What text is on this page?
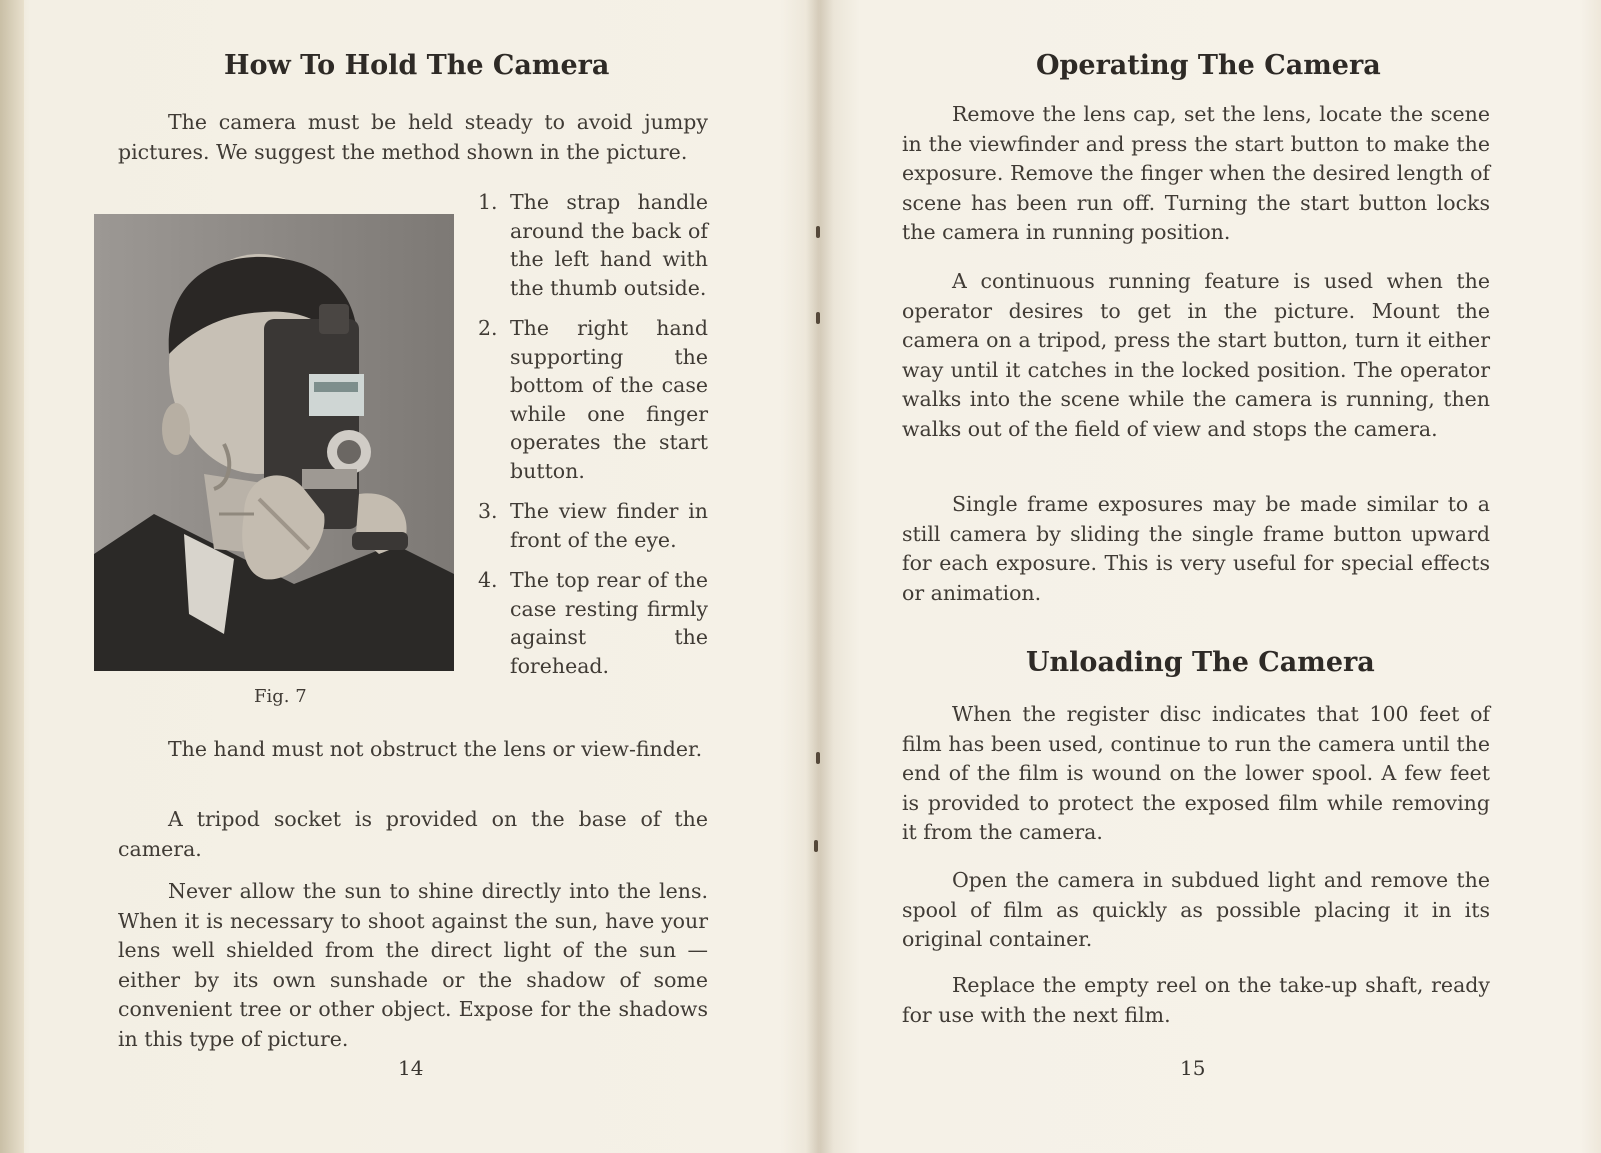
How To Hold The Camera

The camera must be held steady to avoid jumpy pictures. We suggest the method shown in the picture.

Fig. 7
1. The strap handle around the back of the left hand with the thumb outside.
2. The right hand supporting the bottom of the case while one finger operates the start button.
3. The view finder in front of the eye.
4. The top rear of the case resting firmly against the forehead.

The hand must not obstruct the lens or view-finder.

A tripod socket is provided on the base of the camera.

Never allow the sun to shine directly into the lens. When it is necessary to shoot against the sun, have your lens well shielded from the direct light of the sun — either by its own sunshade or the shadow of some convenient tree or other object. Expose for the shadows in this type of picture.

14
Operating The Camera

Remove the lens cap, set the lens, locate the scene in the viewfinder and press the start button to make the exposure. Remove the finger when the desired length of scene has been run off. Turning the start button locks the camera in running position.

A continuous running feature is used when the operator desires to get in the picture. Mount the camera on a tripod, press the start button, turn it either way until it catches in the locked position. The operator walks into the scene while the camera is running, then walks out of the field of view and stops the camera.

Single frame exposures may be made similar to a still camera by sliding the single frame button upward for each exposure. This is very useful for special effects or animation.

Unloading The Camera

When the register disc indicates that 100 feet of film has been used, continue to run the camera until the end of the film is wound on the lower spool. A few feet is provided to protect the exposed film while removing it from the camera.

Open the camera in subdued light and remove the spool of film as quickly as possible placing it in its original container.

Replace the empty reel on the take-up shaft, ready for use with the next film.

15
